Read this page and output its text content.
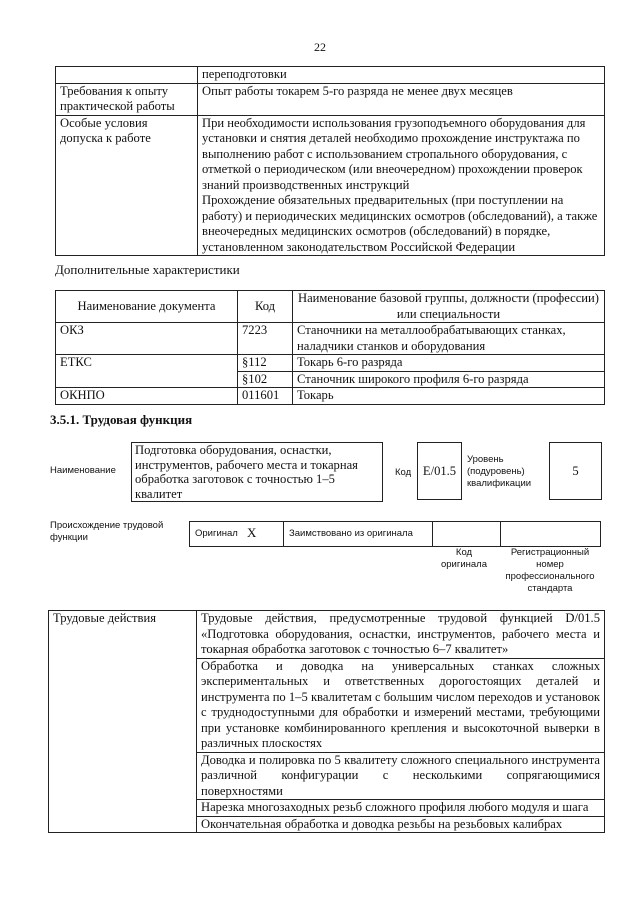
22
	переподготовки
Требования к опыту практической работы	Опыт работы токарем 5-го разряда не менее двух месяцев
Особые условия допуска к работе	При необходимости использования грузоподъемного оборудования для установки и снятия деталей необходимо прохождение инструктажа по выполнению работ с использованием стропального оборудования, с отметкой о периодическом (или внеочередном) прохождении проверок знаний производственных инструкций
Прохождение обязательных предварительных (при поступлении на работу) и периодических медицинских осмотров (обследований), а также внеочередных медицинских осмотров (обследований) в порядке, установленном законодательством Российской Федерации
Дополнительные характеристики
Наименование документа	Код	Наименование базовой группы, должности (профессии) или специальности
ОКЗ	7223	Станочники на металлообрабатывающих станках, наладчики станков и оборудования
ЕТКС	§112	Токарь 6-го разряда
	§102	Станочник широкого профиля 6-го разряда
ОКНПО	011601	Токарь
3.5.1. Трудовая функция
Наименование
Подготовка оборудования, оснастки, инструментов, рабочего места и токарная обработка заготовок с точностью 1–5 квалитет
Код E/01.5
Уровень (подуровень) квалификации
5
Происхождение трудовой функции	Оригинал X	Заимствовано из оригинала
Код оригинала
Регистрационный номер профессионального стандарта
Трудовые действия	Трудовые действия, предусмотренные трудовой функцией D/01.5 «Подготовка оборудования, оснастки, инструментов, рабочего места и токарная обработка заготовок с точностью 6–7 квалитет»
Обработка и доводка на универсальных станках сложных экспериментальных и ответственных дорогостоящих деталей и инструмента по 1–5 квалитетам с большим числом переходов и установок с труднодоступными для обработки и измерений местами, требующими при установке комбинированного крепления и высокоточной выверки в различных плоскостях
Доводка и полировка по 5 квалитету сложного специального инструмента различной конфигурации с несколькими сопрягающимися поверхностями
Нарезка многозаходных резьб сложного профиля любого модуля и шага
Окончательная обработка и доводка резьбы на резьбовых калибрах
